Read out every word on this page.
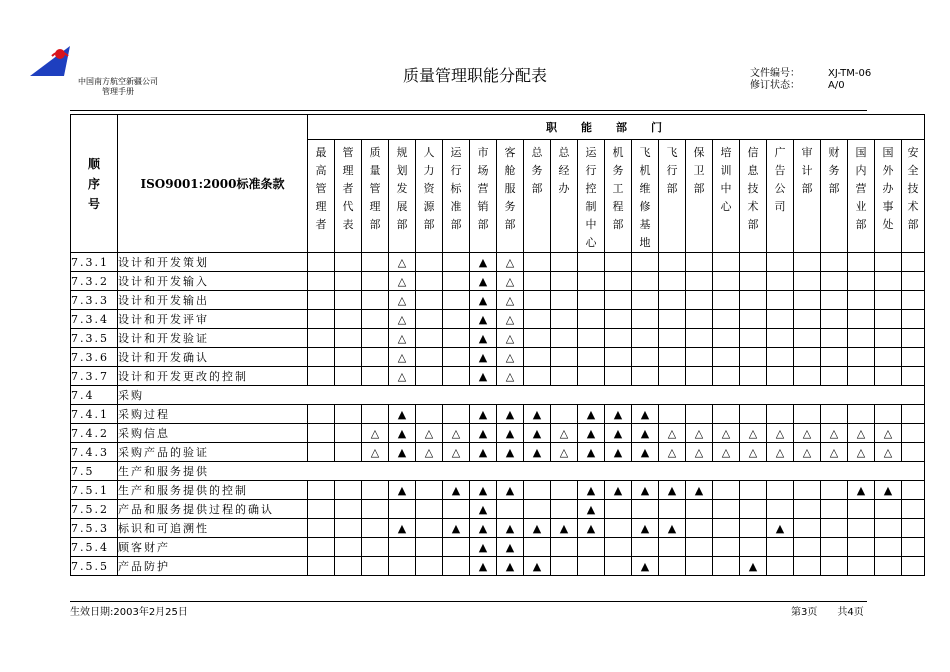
中国南方航空新疆公司
管理手册
质量管理职能分配表	文件编号：	XJ-TM-06
修订状态：	A/0
顺序号	ISO9001:2000标准条款	职能部门																						

		最高管理者	管理者代表	质量管理部	规划发展部	人力资源部	运行标准部	市场营销部	客舱服务部	总务部	总经办	运行控制中心	机务工程部	飞机维修基地	飞行部	保卫部	培训中心	信息技术部	广告公司	审计部	财务部	国内营业部	国外办事处	安全技术部

7.3.1	设计和开发策划				△			▲	△															
7.3.2	设计和开发输入				△			▲	△															
7.3.3	设计和开发输出				△			▲	△															
7.3.4	设计和开发评审				△			▲	△															
7.3.5	设计和开发验证				△			▲	△															
7.3.6	设计和开发确认				△			▲	△															
7.3.7	设计和开发更改的控制				△			▲	△															
7.4	采购																							
7.4.1	采购过程				▲			▲	▲	▲		▲	▲	▲										
7.4.2	采购信息			△	▲	△	△	▲	▲	▲	△	▲	▲	▲	△	△	△	△	△	△	△	△	△	
7.4.3	采购产品的验证			△	▲	△	△	▲	▲	▲	△	▲	▲	▲	△	△	△	△	△	△	△	△	△	
7.5	生产和服务提供																							
7.5.1	生产和服务提供的控制				▲		▲	▲	▲			▲	▲	▲	▲	▲						▲	▲	
7.5.2	产品和服务提供过程的确认							▲				▲												
7.5.3	标识和可追溯性				▲		▲	▲	▲	▲	▲	▲		▲	▲				▲					
7.5.4	顾客财产							▲	▲															
7.5.5	产品防护							▲	▲	▲				▲				▲						
生效日期:2003年2月25日	第3页 共4页
